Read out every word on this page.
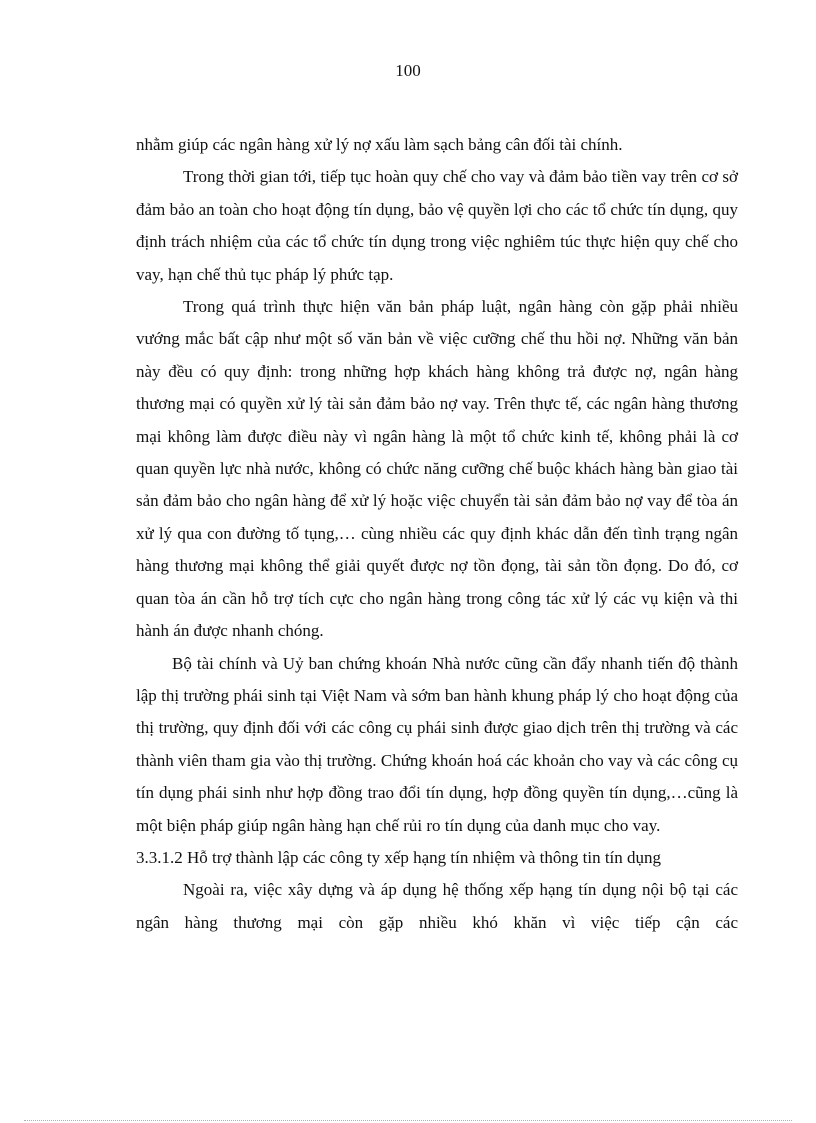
100

nhằm giúp các ngân hàng xử lý nợ xấu làm sạch bảng cân đối tài chính.

Trong thời gian tới, tiếp tục hoàn quy chế cho vay và đảm bảo tiền vay trên cơ sở đảm bảo an toàn cho hoạt động tín dụng, bảo vệ quyền lợi cho các tổ chức tín dụng, quy định trách nhiệm của các tổ chức tín dụng trong việc nghiêm túc thực hiện quy chế cho vay, hạn chế thủ tục pháp lý phức tạp.

Trong quá trình thực hiện văn bản pháp luật, ngân hàng còn gặp phải nhiều vướng mắc bất cập như một số văn bản về việc cưỡng chế thu hồi nợ. Những văn bản này đều có quy định: trong những hợp khách hàng không trả được nợ, ngân hàng thương mại có quyền xử lý tài sản đảm bảo nợ vay. Trên thực tế, các ngân hàng thương mại không làm được điều này vì ngân hàng là một tổ chức kinh tế, không phải là cơ quan quyền lực nhà nước, không có chức năng cưỡng chế buộc khách hàng bàn giao tài sản đảm bảo cho ngân hàng để xử lý hoặc việc chuyển tài sản đảm bảo nợ vay để tòa án xử lý qua con đường tố tụng,… cùng nhiều các quy định khác dẫn đến tình trạng ngân hàng thương mại không thể giải quyết được nợ tồn đọng, tài sản tồn đọng. Do đó, cơ quan tòa án cần hỗ trợ tích cực cho ngân hàng trong công tác xử lý các vụ kiện và thi hành án được nhanh chóng.

Bộ tài chính và Uỷ ban chứng khoán Nhà nước cũng cần đẩy nhanh tiến độ thành lập thị trường phái sinh tại Việt Nam và sớm ban hành khung pháp lý cho hoạt động của thị trường, quy định đối với các công cụ phái sinh được giao dịch trên thị trường và các thành viên tham gia vào thị trường. Chứng khoán hoá các khoản cho vay và các công cụ tín dụng phái sinh như hợp đồng trao đổi tín dụng, hợp đồng quyền tín dụng,…cũng là một biện pháp giúp ngân hàng hạn chế rủi ro tín dụng của danh mục cho vay.

3.3.1.2 Hỗ trợ thành lập các công ty xếp hạng tín nhiệm và thông tin tín dụng

Ngoài ra, việc xây dựng và áp dụng hệ thống xếp hạng tín dụng nội bộ tại các ngân hàng thương mại còn gặp nhiều khó khăn vì việc tiếp cận các
